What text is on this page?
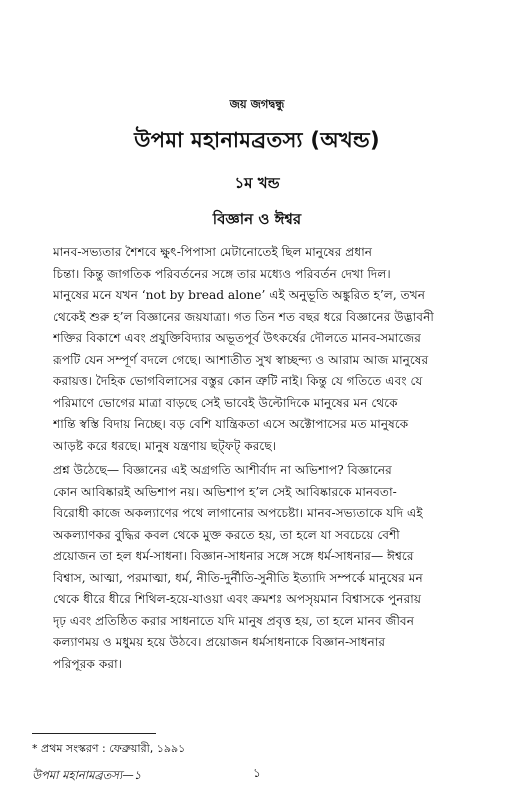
জয় জগদ্বন্ধু
উপমা মহানামব্রতস্য (অখন্ড)
১ম খন্ড
বিজ্ঞান ও ঈশ্বর
মানব-সভ্যতার শৈশবে ক্ষুৎ-পিপাসা মেটানোতেই ছিল মানুষের প্রধান
চিন্তা। কিন্তু জাগতিক পরিবর্তনের সঙ্গে তার মধ্যেও পরিবর্তন দেখা দিল।
মানুষের মনে যখন ‘not by bread alone’ এই অনুভূতি অঙ্কুরিত হ’ল, তখন
থেকেই শুরু হ’ল বিজ্ঞানের জয়যাত্রা। গত তিন শত বছর ধরে বিজ্ঞানের উদ্ভাবনী
শক্তির বিকাশে এবং প্রযুক্তিবিদ্যার অভূতপূর্ব উৎকর্ষের দৌলতে মানব-সমাজের
রূপটি যেন সম্পূর্ণ বদলে গেছে। আশাতীত সুখ স্বাচ্ছন্দ্য ও আরাম আজ মানুষের
করায়ত্ত। দৈহিক ভোগবিলাসের বস্তুর কোন ত্রুটি নাই। কিন্তু যে গতিতে এবং যে
পরিমাণে ভোগের মাত্রা বাড়ছে সেই ভাবেই উল্টোদিকে মানুষের মন থেকে
শান্তি স্বস্তি বিদায় নিচ্ছে। বড় বেশি যান্ত্রিকতা এসে অক্টোপাসের মত মানুষকে
আড়ষ্ট করে ধরছে। মানুষ যন্ত্রণায় ছট্‌ফট্‌ করছে।
প্রশ্ন উঠেছে— বিজ্ঞানের এই অগ্রগতি আশীর্বাদ না অভিশাপ? বিজ্ঞানের
কোন আবিষ্কারই অভিশাপ নয়। অভিশাপ হ’ল সেই আবিষ্কারকে মানবতা-
বিরোধী কাজে অকল্যাণের পথে লাগানোর অপচেষ্টা। মানব-সভ্যতাকে যদি এই
অকল্যাণকর বুদ্ধির কবল থেকে মুক্ত করতে হয়, তা হলে যা সবচেয়ে বেশী
প্রয়োজন তা হল ধর্ম-সাধনা। বিজ্ঞান-সাধনার সঙ্গে সঙ্গে ধর্ম-সাধনার— ঈশ্বরে
বিশ্বাস, আত্মা, পরমাত্মা, ধর্ম, নীতি-দুর্নীতি-সুনীতি ইত্যাদি সম্পর্কে মানুষের মন
থেকে ধীরে ধীরে শিথিল-হয়ে-যাওয়া এবং ক্রমশঃ অপসৃয়মান বিশ্বাসকে পুনরায়
দৃঢ় এবং প্রতিষ্ঠিত করার সাধনাতে যদি মানুষ প্রবৃত্ত হয়, তা হলে মানব জীবন
কল্যাণময় ও মধুময় হয়ে উঠবে। প্রয়োজন ধর্মসাধনাকে বিজ্ঞান-সাধনার
পরিপূরক করা।
* প্রথম সংস্করণ : ফেব্রুয়ারী, ১৯৯১
উপমা মহানামব্রতস্য—১	১
